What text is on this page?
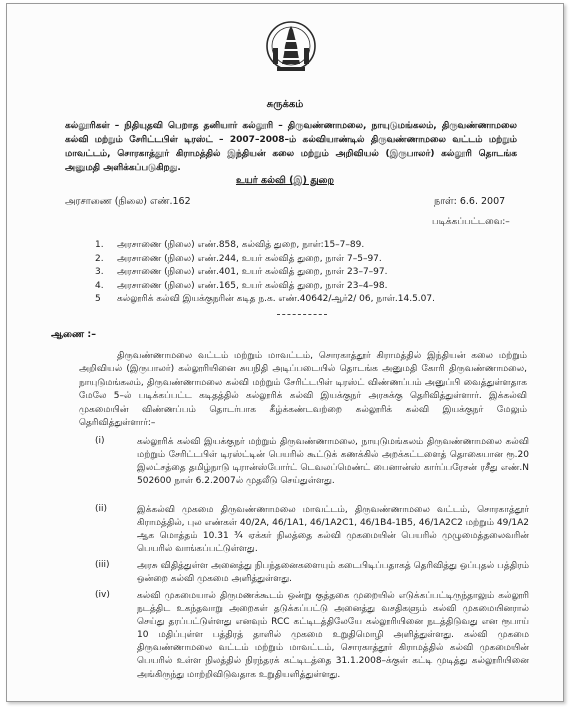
சுருக்கம்
கல்லூரிகள் – நிதியுதவி பெறாத தனியார் கல்லூரி – திருவண்ணாமலை, நாயுடுமங்கலம், திருவண்ணாமலை கல்வி மற்றும் சேரிட்டபிள் டிரஸ்ட் – 2007–2008–ம் கல்வியாண்டில் திருவண்ணாமலை வட்டம் மற்றும் மாவட்டம், சொரகாத்தூர் கிராமத்தில் இந்தியன் கலை மற்றும் அறிவியல் (இருபாலர்) கல்லூரி தொடங்க அனுமதி அளிக்கப்படுகிறது.
உயர் கல்வி (இ) துறை
அரசாணை (நிலை) எண்.162	நாள்: 6.6. 2007
படிக்கப்பட்டவை:–
1. அரசாணை (நிலை) எண்.858, கல்வித் துறை, நாள்:15–7–89.
2. அரசாணை (நிலை) எண்.244, உயர் கல்வித் துறை, நாள் 7–5–97.
3. அரசாணை (நிலை) எண்.401, உயர் கல்வித் துறை, நாள் 23–7–97.
4. அரசாணை (நிலை) எண்.165, உயர் கல்வித் துறை, நாள் 23–4–98.
5 கல்லூரிக் கல்வி இயக்குநரின் கடித ந.க. எண்.40642/ஆர்2/ 06, நாள்.14.5.07.
ஆணை :–
திருவண்ணாமலை வட்டம் மற்றும் மாவட்டம், சொரகாத்தூர் கிராமத்தில் இந்தியன் கலை மற்றும் அறிவியல் (இருபாலர்) கல்லூரியினை சுயநிதி அடிப்படையில் தொடங்க அனுமதி கோரி திருவண்ணாமலை, நாயுடுமங்கலம், திருவண்ணாமலை கல்வி மற்றும் சேரிட்டபிள் டிரஸ்ட் விண்ணப்பம் அனுப்பி வைத்துள்ளதாக மேலே 5–ல் படிக்கப்பட்ட கடிதத்தில் கல்லூரிக் கல்வி இயக்குநர் அரசுக்கு தெரிவித்துள்ளார். இக்கல்வி முகமையின் விண்ணப்பம் தொடர்பாக கீழ்க்கண்டவற்றை கல்லூரிக் கல்வி இயக்குநர் மேலும் தெரிவித்துள்ளார்:–
(i)	கல்லூரிக் கல்வி இயக்குநர் மற்றும் திருவண்ணாமலை, நாயுடுமங்கலம் திருவண்ணாமலை கல்வி மற்றும் சேரிட்டபிள் டிரஸ்ட்டின் பெயரில் கூட்டுக் கணக்கில் அறக்கட்டளைத் தொகையான ரூ.20 இலட்சத்தை தமிழ்நாடு டிரான்ஸ்போர்ட் டெவலப்மெண்ட் பைனான்ஸ் கார்ப்பரேசன் ரசீது எண்.N 502600 நாள் 6.2.2007ல் முதலீடு செய்துள்ளது.
(ii)	இக்கல்வி முகமை திருவண்ணாமலை மாவட்டம், திருவண்ணாமலை வட்டம், சொரகாத்தூர் கிராமத்தில், புல எண்கள் 40/2A, 46/1A1, 46/1A2C1, 46/1B4-1B5, 46/1A2C2 மற்றும் 49/1A2 ஆக மொத்தம் 10.31 ¾ ஏக்கர் நிலத்தை கல்வி முகமையின் பெயரில் முழுமைத்தலைவரின் பெயரில் வாங்கப்பட்டுள்ளது.
(iii)	அரசு விதித்துள்ள அனைத்து நிபந்தனைகளையும் கடைபிடிப்பதாகத் தெரிவித்து ஒப்புதல் பத்திரம் ஒன்றை கல்வி முகமை அளித்துள்ளது.
(iv)	கல்வி முகமையால் திருமணக்கூடம் ஒன்று குத்தகை முறையில் எடுக்கப்பட்டிருந்தாலும் கல்லூரி நடத்திட உகந்தவாறு அறைகள் தடுக்கப்பட்டு அனைத்து வசதிகளும் கல்வி முகமையினரால் செய்து தரப்பட்டுள்ளது எனவும் RCC கட்டிடத்திலேயே கல்லூரியினை நடத்திடுவது என ரூபாய் 10 மதிப்புள்ள பத்திரத் தாளில் முகமை உறுதிமொழி அளித்துள்ளது. கல்வி முகமை திருவண்ணாமலை வட்டம் மற்றும் மாவட்டம், சொரகாத்தூர் கிராமத்தில் கல்வி முகமையின் பெயரில் உள்ள நிலத்தில் நிரந்தரக் கட்டிடத்தை 31.1.2008–க்குள் கட்டி முடித்து கல்லூரியினை அங்கிருந்து மாற்றிவிடுவதாக உறுதியளித்துள்ளது.
